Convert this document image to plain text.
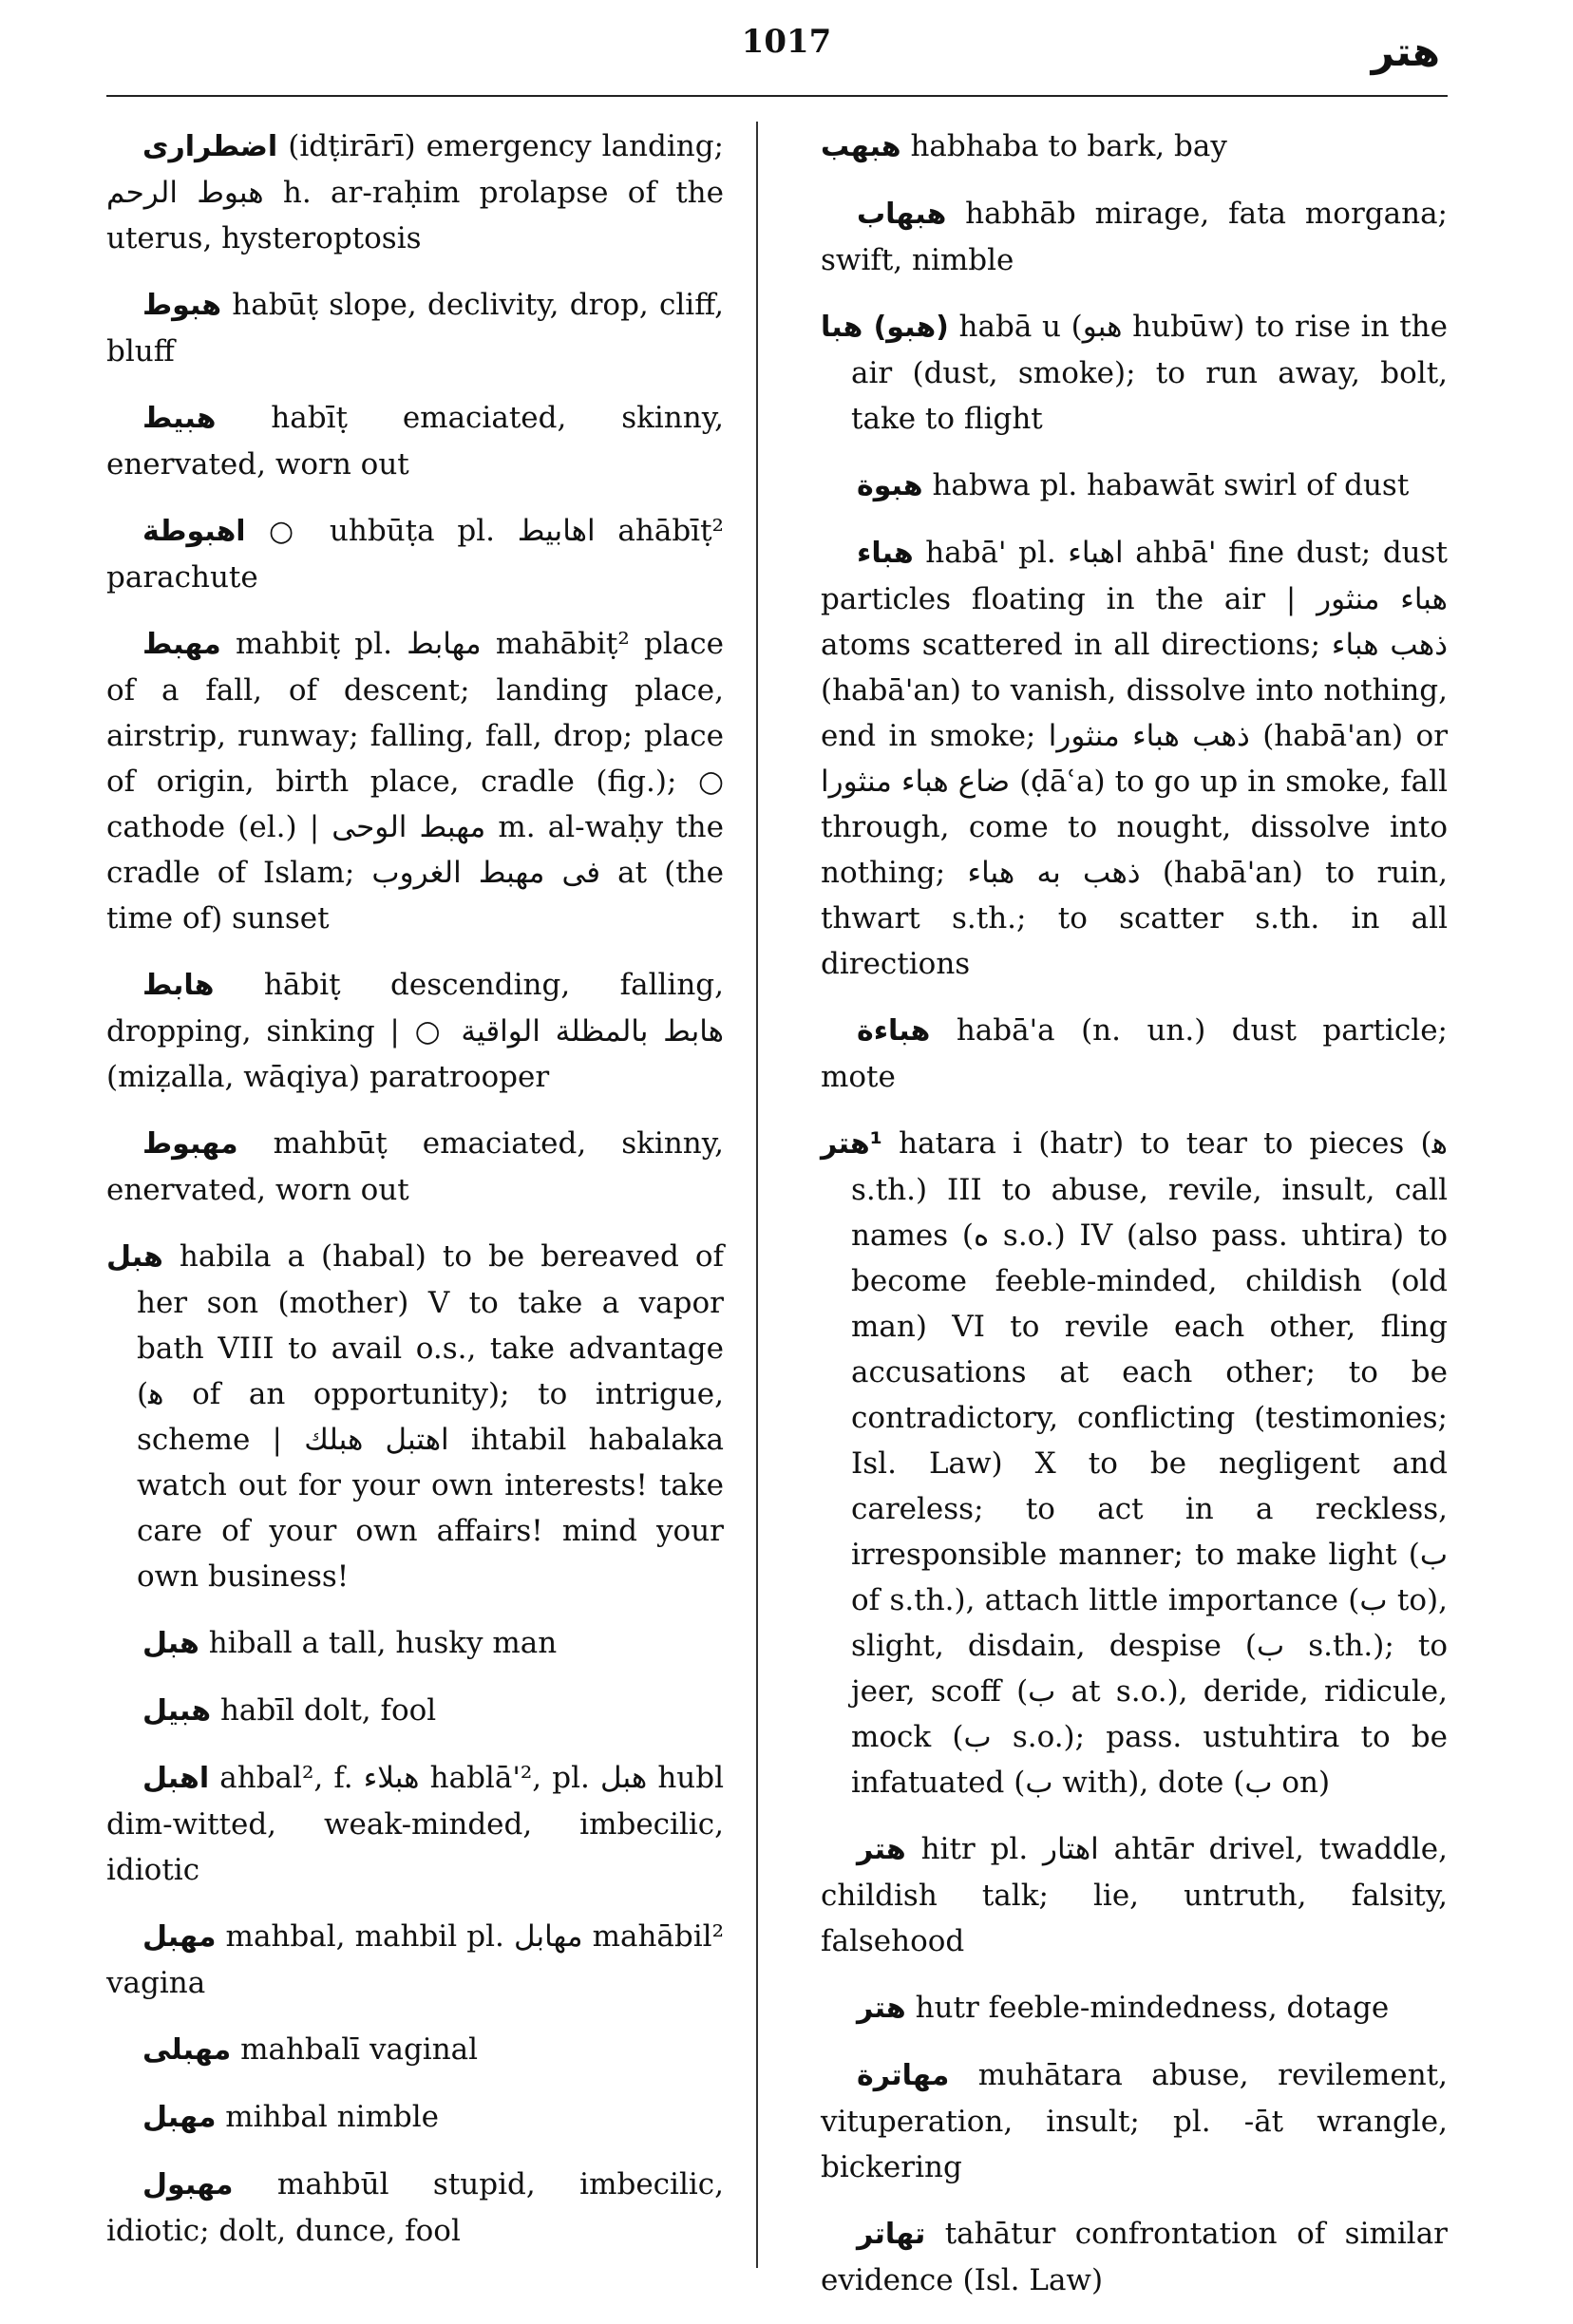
1017	هتر

اضطرارى (idṭirārī) emergency landing; هبوط الرحم h. ar-raḥim prolapse of the uterus, hysteroptosis

هبوط habūṭ slope, declivity, drop, cliff, bluff

هبيط habīṭ emaciated, skinny, enervated, worn out

○ اهبوطة uhbūṭa pl. اهابيط ahābīṭ² parachute

مهبط mahbiṭ pl. مهابط mahābiṭ² place of a fall, of descent; landing place, airstrip, runway; falling, fall, drop; place of origin, birth place, cradle (fig.); ○ cathode (el.) | مهبط الوحى m. al-waḥy the cradle of Islam; فى مهبط الغروب at (the time of) sunset

هابط hābiṭ descending, falling, dropping, sinking | ○ هابط بالمظلة الواقية (miẓalla, wāqiya) paratrooper

مهبوط mahbūṭ emaciated, skinny, enervated, worn out

هبل habila a (habal) to be bereaved of her son (mother) V to take a vapor bath VIII to avail o.s., take advantage (ﻫ of an opportunity); to intrigue, scheme | اهتبل هبلك ihtabil habalaka watch out for your own interests! take care of your own affairs! mind your own business!

هبل hiball a tall, husky man

هبيل habīl dolt, fool

اهبل ahbal², f. هبلاء hablā'², pl. هبل hubl dim-witted, weak-minded, imbecilic, idiotic

مهبل mahbal, mahbil pl. مهابل mahābil² vagina

مهبلى mahbalī vaginal

مهبل mihbal nimble

مهبول mahbūl stupid, imbecilic, idiotic; dolt, dunce, fool

هبهب habhaba to bark, bay

هبهاب habhāb mirage, fata morgana; swift, nimble

(هبو) هبا habā u (هبو hubūw) to rise in the air (dust, smoke); to run away, bolt, take to flight

هبوة habwa pl. habawāt swirl of dust

هباء habā' pl. اهباء ahbā' fine dust; dust particles floating in the air | هباء منثور atoms scattered in all directions; ذهب هباء (habā'an) to vanish, dissolve into nothing, end in smoke; ذهب هباء منثورا (habā'an) or ضاع هباء منثورا (ḍāʿa) to go up in smoke, fall through, come to nought, dissolve into nothing; ذهب به هباء (habā'an) to ruin, thwart s.th.; to scatter s.th. in all directions

هباءة habā'a (n. un.) dust particle; mote

¹هتر hatara i (hatr) to tear to pieces (ﻫ s.th.) III to abuse, revile, insult, call names (ﻩ s.o.) IV (also pass. uhtira) to become feeble-minded, childish (old man) VI to revile each other, fling accusations at each other; to be contradictory, conflicting (testimonies; Isl. Law) X to be negligent and careless; to act in a reckless, irresponsible manner; to make light (ب of s.th.), attach little importance (ب to), slight, disdain, despise (ب s.th.); to jeer, scoff (ب at s.o.), deride, ridicule, mock (ب s.o.); pass. ustuhtira to be infatuated (ب with), dote (ب on)

هتر hitr pl. اهتار ahtār drivel, twaddle, childish talk; lie, untruth, falsity, falsehood

هتر hutr feeble-mindedness, dotage

مهاترة muhātara abuse, revilement, vituperation, insult; pl. -āt wrangle, bickering

تهاتر tahātur confrontation of similar evidence (Isl. Law)
